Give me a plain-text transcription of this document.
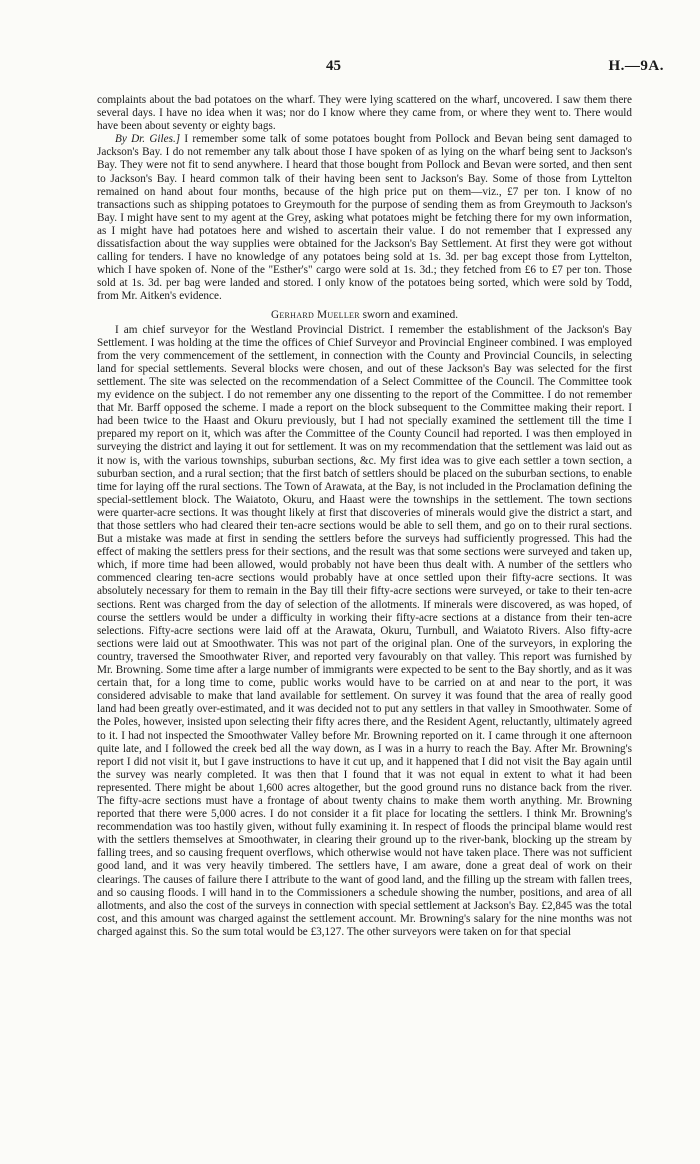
45	H.—9A.

complaints about the bad potatoes on the wharf. They were lying scattered on the wharf, uncovered. I saw them there several days. I have no idea when it was; nor do I know where they came from, or where they went to. There would have been about seventy or eighty bags.

By Dr. Giles.] I remember some talk of some potatoes bought from Pollock and Bevan being sent damaged to Jackson's Bay. I do not remember any talk about those I have spoken of as lying on the wharf being sent to Jackson's Bay. They were not fit to send anywhere. I heard that those bought from Pollock and Bevan were sorted, and then sent to Jackson's Bay. I heard common talk of their having been sent to Jackson's Bay. Some of those from Lyttelton remained on hand about four months, because of the high price put on them—viz., £7 per ton. I know of no transactions such as shipping potatoes to Greymouth for the purpose of sending them as from Greymouth to Jackson's Bay. I might have sent to my agent at the Grey, asking what potatoes might be fetching there for my own information, as I might have had potatoes here and wished to ascertain their value. I do not remember that I expressed any dissatisfaction about the way supplies were obtained for the Jackson's Bay Settlement. At first they were got without calling for tenders. I have no knowledge of any potatoes being sold at 1s. 3d. per bag except those from Lyttelton, which I have spoken of. None of the "Esther's" cargo were sold at 1s. 3d.; they fetched from £6 to £7 per ton. Those sold at 1s. 3d. per bag were landed and stored. I only know of the potatoes being sorted, which were sold by Todd, from Mr. Aitken's evidence.

Gerhard Mueller sworn and examined.

I am chief surveyor for the Westland Provincial District. I remember the establishment of the Jackson's Bay Settlement. I was holding at the time the offices of Chief Surveyor and Provincial Engineer combined. I was employed from the very commencement of the settlement, in connection with the County and Provincial Councils, in selecting land for special settlements. Several blocks were chosen, and out of these Jackson's Bay was selected for the first settlement. The site was selected on the recommendation of a Select Committee of the Council. The Committee took my evidence on the subject. I do not remember any one dissenting to the report of the Committee. I do not remember that Mr. Barff opposed the scheme. I made a report on the block subsequent to the Committee making their report. I had been twice to the Haast and Okuru previously, but I had not specially examined the settlement till the time I prepared my report on it, which was after the Committee of the County Council had reported. I was then employed in surveying the district and laying it out for settlement. It was on my recommendation that the settlement was laid out as it now is, with the various townships, suburban sections, &c. My first idea was to give each settler a town section, a suburban section, and a rural section; that the first batch of settlers should be placed on the suburban sections, to enable time for laying off the rural sections. The Town of Arawata, at the Bay, is not included in the Proclamation defining the special-settlement block. The Waiatoto, Okuru, and Haast were the townships in the settlement. The town sections were quarter-acre sections. It was thought likely at first that discoveries of minerals would give the district a start, and that those settlers who had cleared their ten-acre sections would be able to sell them, and go on to their rural sections. But a mistake was made at first in sending the settlers before the surveys had sufficiently progressed. This had the effect of making the settlers press for their sections, and the result was that some sections were surveyed and taken up, which, if more time had been allowed, would probably not have been thus dealt with. A number of the settlers who commenced clearing ten-acre sections would probably have at once settled upon their fifty-acre sections. It was absolutely necessary for them to remain in the Bay till their fifty-acre sections were surveyed, or take to their ten-acre sections. Rent was charged from the day of selection of the allotments. If minerals were discovered, as was hoped, of course the settlers would be under a difficulty in working their fifty-acre sections at a distance from their ten-acre selections. Fifty-acre sections were laid off at the Arawata, Okuru, Turnbull, and Waiatoto Rivers. Also fifty-acre sections were laid out at Smoothwater. This was not part of the original plan. One of the surveyors, in exploring the country, traversed the Smoothwater River, and reported very favourably on that valley. This report was furnished by Mr. Browning. Some time after a large number of immigrants were expected to be sent to the Bay shortly, and as it was certain that, for a long time to come, public works would have to be carried on at and near to the port, it was considered advisable to make that land available for settlement. On survey it was found that the area of really good land had been greatly over-estimated, and it was decided not to put any settlers in that valley in Smoothwater. Some of the Poles, however, insisted upon selecting their fifty acres there, and the Resident Agent, reluctantly, ultimately agreed to it. I had not inspected the Smoothwater Valley before Mr. Browning reported on it. I came through it one afternoon quite late, and I followed the creek bed all the way down, as I was in a hurry to reach the Bay. After Mr. Browning's report I did not visit it, but I gave instructions to have it cut up, and it happened that I did not visit the Bay again until the survey was nearly completed. It was then that I found that it was not equal in extent to what it had been represented. There might be about 1,600 acres altogether, but the good ground runs no distance back from the river. The fifty-acre sections must have a frontage of about twenty chains to make them worth anything. Mr. Browning reported that there were 5,000 acres. I do not consider it a fit place for locating the settlers. I think Mr. Browning's recommendation was too hastily given, without fully examining it. In respect of floods the principal blame would rest with the settlers themselves at Smoothwater, in clearing their ground up to the river-bank, blocking up the stream by falling trees, and so causing frequent overflows, which otherwise would not have taken place. There was not sufficient good land, and it was very heavily timbered. The settlers have, I am aware, done a great deal of work on their clearings. The causes of failure there I attribute to the want of good land, and the filling up the stream with fallen trees, and so causing floods. I will hand in to the Commissioners a schedule showing the number, positions, and area of all allotments, and also the cost of the surveys in connection with special settlement at Jackson's Bay. £2,845 was the total cost, and this amount was charged against the settlement account. Mr. Browning's salary for the nine months was not charged against this. So the sum total would be £3,127. The other surveyors were taken on for that special
